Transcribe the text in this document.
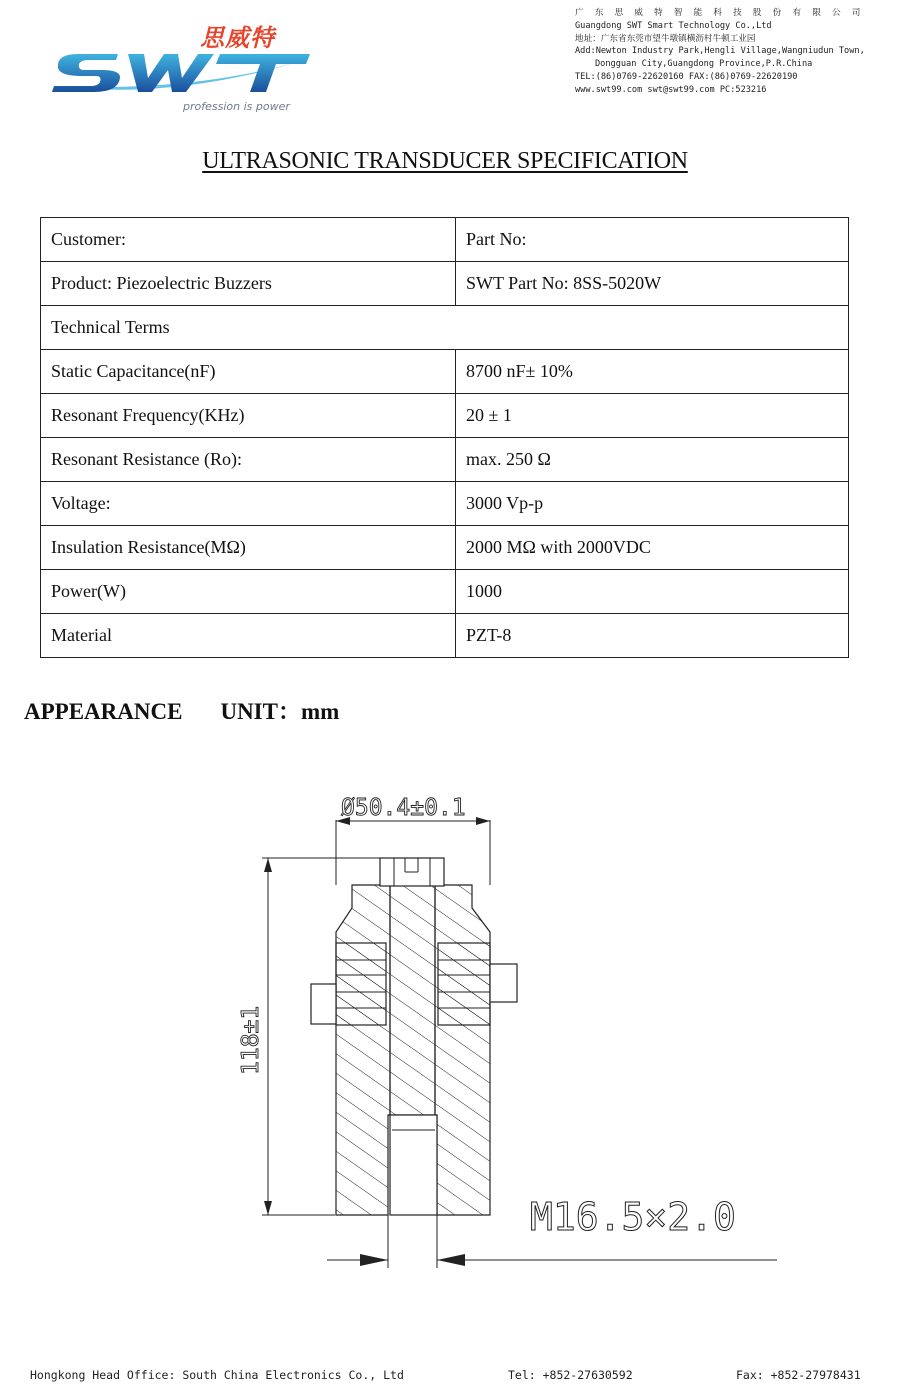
思威特
profession is power
广 东 思 威 特 智 能 科 技 股 份 有 限 公 司
Guangdong SWT Smart Technology Co.,Ltd
地址：广东省东莞市望牛墩镇横沥村牛顿工业园
Add:Newton Industry Park,Hengli Village,Wangniudun Town,
Dongguan City,Guangdong Province,P.R.China
TEL:(86)0769-22620160 FAX:(86)0769-22620190
www.swt99.com swt@swt99.com PC:523216
ULTRASONIC TRANSDUCER SPECIFICATION
Customer:	Part No:
Product: Piezoelectric Buzzers	SWT Part No: 8SS-5020W
Technical Terms	
Static Capacitance(nF)	8700 nF± 10%
Resonant Frequency(KHz)	20 ± 1
Resonant Resistance (Ro):	max. 250 Ω
Voltage:	3000 Vp-p
Insulation Resistance(MΩ)	2000 MΩ with 2000VDC
Power(W)	1000
Material	PZT-8
APPEARANCE UNIT：mm
Ø50.4±0.1
118±1
M16.5×2.0
Hongkong Head Office: South China Electronics Co., Ltd	Tel: +852-27630592	Fax: +852-27978431
